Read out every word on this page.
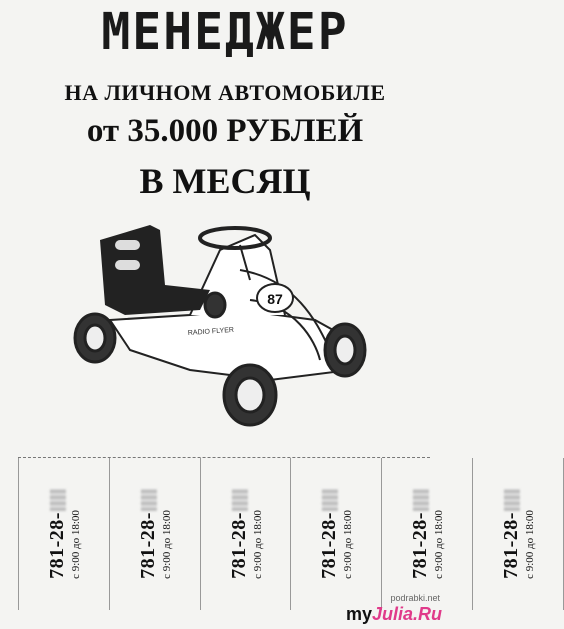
МЕНЕДЖЕР
НА ЛИЧНОМ АВТОМОБИЛЕ
от 35.000 РУБЛЕЙ
В МЕСЯЦ
87
RADIO FLYER
781-28- с 9:00 до 18:00	781-28- с 9:00 до 18:00	781-28- с 9:00 до 18:00	781-28- с 9:00 до 18:00	781-28- с 9:00 до 18:00	781-28- с 9:00 до 18:00
podrabki.net
myJulia.Ru
